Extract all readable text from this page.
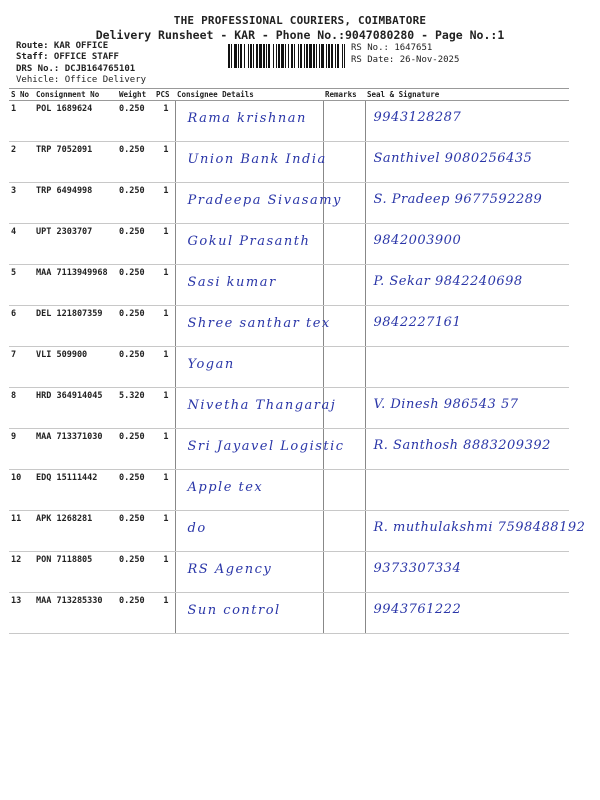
THE PROFESSIONAL COURIERS, COIMBATORE
Delivery Runsheet - KAR - Phone No.:9047080280 - Page No.:1
Route: KAR OFFICE
Staff: OFFICE STAFF
DRS No.: DCJB164765101
Vehicle: Office Delivery
RS No.: 1647651
RS Date: 26-Nov-2025
S No	Consignment No	Weight	PCS	Consignee Details	Remarks	Seal & Signature
1	POL 1689624	0.250	1	Rama krishnan		9943128287

2	TRP 7052091	0.250	1	Union Bank India		Santhivel 9080256435

3	TRP 6494998	0.250	1	Pradeepa Sivasamy		S. Pradeep 9677592289

4	UPT 2303707	0.250	1	Gokul Prasanth		9842003900

5	MAA 7113949968	0.250	1	Sasi kumar		P. Sekar 9842240698

6	DEL 121807359	0.250	1	Shree santhar tex		9842227161

7	VLI 509900	0.250	1	Yogan		

8	HRD 364914045	5.320	1	Nivetha Thangaraj		V. Dinesh 986543 57

9	MAA 713371030	0.250	1	Sri Jayavel Logistic		R. Santhosh 8883209392

10	EDQ 15111442	0.250	1	Apple tex		

11	APK 1268281	0.250	1	do		R. muthulakshmi 7598488192

12	PON 7118805	0.250	1	RS Agency		9373307334

13	MAA 713285330	0.250	1	Sun control		9943761222
